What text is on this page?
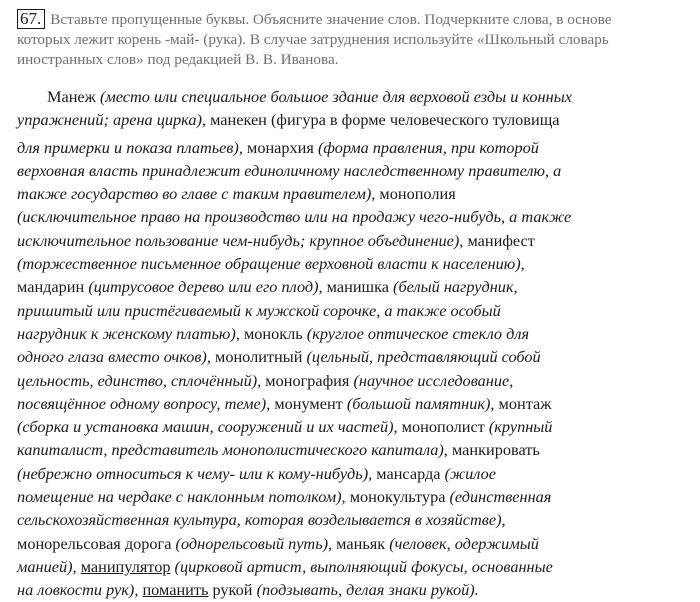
67. Вставьте пропущенные буквы. Объясните значение слов. Подчеркните слова, в основе
которых лежит корень -май- (рука). В случае затруднения используйте «Школьный словарь
иностранных слов» под редакцией В. В. Иванова.
Манеж (место или специальное большое здание для верховой езды и конных
упражнений; арена цирка), манекен (фигура в форме человеческого туловища
для примерки и показа платьев), монархия (форма правления, при которой
верховная власть принадлежит единоличному наследственному правителю, а
также государство во главе с таким правителем), монополия
(исключительное право на производство или на продажу чего-нибудь, а также
исключительное пользование чем-нибудь; крупное объединение), манифест
(торжественное письменное обращение верховной власти к населению),
мандарин (цитрусовое дерево или его плод), манишка (белый нагрудник,
пришитый или пристёгиваемый к мужской сорочке, а также особый
нагрудник к женскому платью), монокль (круглое оптическое стекло для
одного глаза вместо очков), монолитный (цельный, представляющий собой
цельность, единство, сплочённый), монография (научное исследование,
посвящённое одному вопросу, теме), монумент (большой памятник), монтаж
(сборка и установка машин, сооружений и их частей), монополист (крупный
капиталист, представитель монополистического капитала), манкировать
(небрежно относиться к чему- или к кому-нибудь), мансарда (жилое
помещение на чердаке с наклонным потолком), монокультура (единственная
сельскохозяйственная культура, которая возделывается в хозяйстве),
монорельсовая дорога (однорельсовый путь), маньяк (человек, одержимый
манией), манипулятор (цирковой артист, выполняющий фокусы, основанные
на ловкости рук), поманить рукой (подзывать, делая знаки рукой).
